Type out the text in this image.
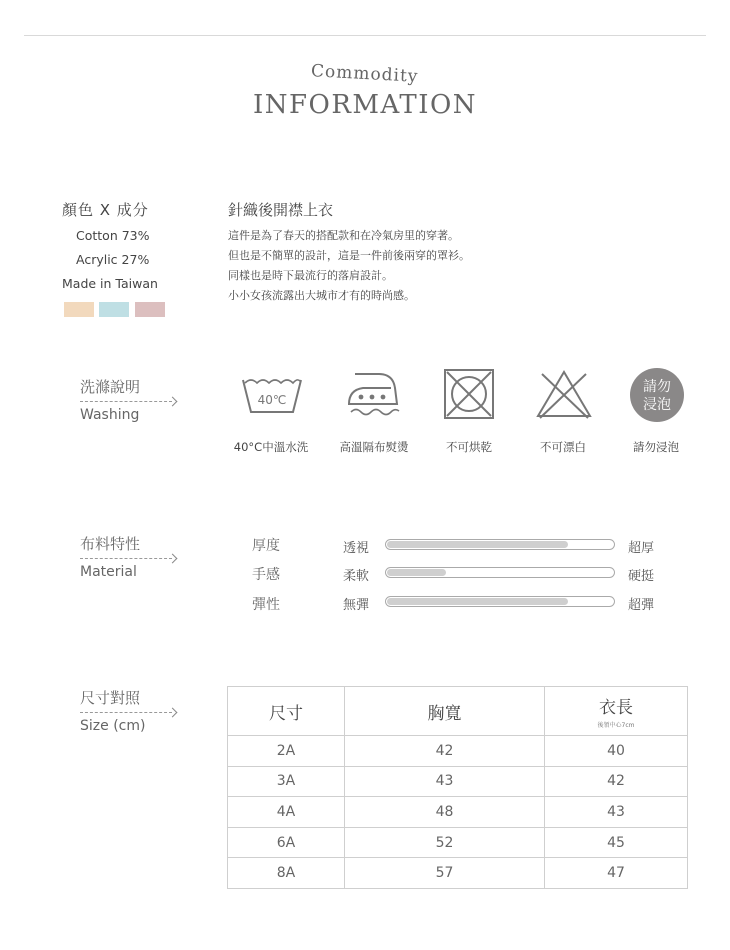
Commodity
INFORMATION
顏色 X 成分
Cotton 73%
Acrylic 27%
Made in Taiwan
針織後開襟上衣
這件是為了春天的搭配款和在冷氣房里的穿著。
但也是不簡單的設計，這是一件前後兩穿的罩衫。
同樣也是時下最流行的落肩設計。
小小女孩流露出大城市才有的時尚感。
洗滌說明
Washing
40℃
請勿
浸泡
40°C中溫水洗	高溫隔布熨燙	不可烘乾	不可漂白	請勿浸泡
布料特性
Material
厚度	透視	超厚
手感	柔軟	硬挺
彈性	無彈	超彈
尺寸對照
Size (cm)
尺寸	胸寬	衣長
後領中心7cm

2A	42	40
3A	43	42
4A	48	43
6A	52	45
8A	57	47
